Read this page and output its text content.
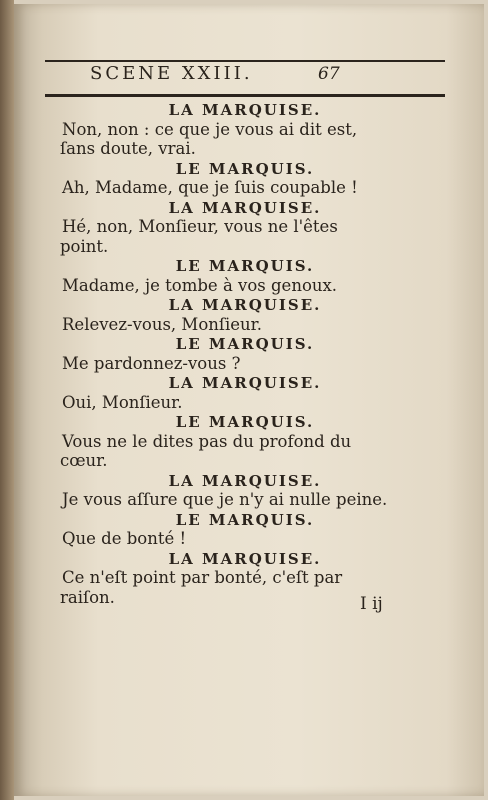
SCENE XXIII.	67
LA MARQUISE.
Non, non : ce que je vous ai dit est,
ſans doute, vrai.
LE MARQUIS.
Ah, Madame, que je ſuis coupable !
LA MARQUISE.
Hé, non, Monſieur, vous ne l'êtes
point.
LE MARQUIS.
Madame, je tombe à vos genoux.
LA MARQUISE.
Relevez-vous, Monſieur.
LE MARQUIS.
Me pardonnez-vous ?
LA MARQUISE.
Oui, Monſieur.
LE MARQUIS.
Vous ne le dites pas du profond du
cœur.
LA MARQUISE.
Je vous aſſure que je n'y ai nulle peine.
LE MARQUIS.
Que de bonté !
LA MARQUISE.
Ce n'eſt point par bonté, c'eſt par
raiſon.	I ij
